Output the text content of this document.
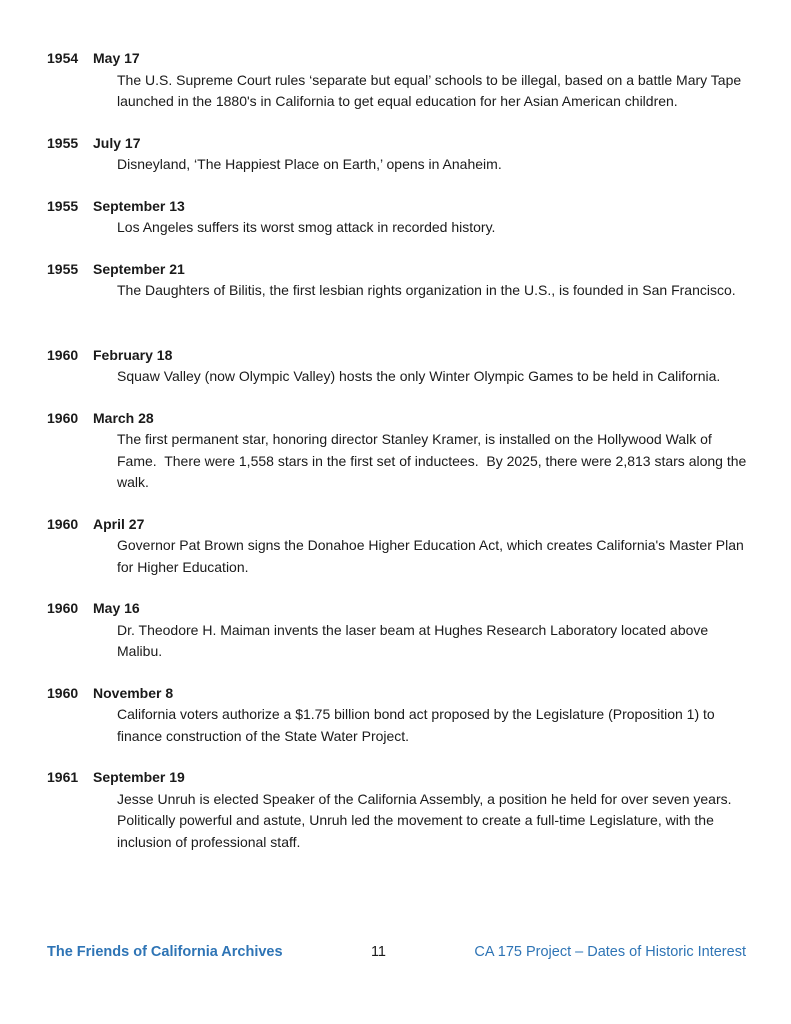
1954	May 17

The U.S. Supreme Court rules ‘separate but equal’ schools to be illegal, based on a battle Mary Tape launched in the 1880's in California to get equal education for her Asian American children.

1955	July 17

Disneyland, ‘The Happiest Place on Earth,’ opens in Anaheim.

1955	September 13

Los Angeles suffers its worst smog attack in recorded history.

1955	September 21

The Daughters of Bilitis, the first lesbian rights organization in the U.S., is founded in San Francisco.

1960	February 18

Squaw Valley (now Olympic Valley) hosts the only Winter Olympic Games to be held in California.

1960	March 28

The first permanent star, honoring director Stanley Kramer, is installed on the Hollywood Walk of Fame.  There were 1,558 stars in the first set of inductees.  By 2025, there were 2,813 stars along the walk.

1960	April 27

Governor Pat Brown signs the Donahoe Higher Education Act, which creates California's Master Plan for Higher Education.

1960	May 16

Dr. Theodore H. Maiman invents the laser beam at Hughes Research Laboratory located above Malibu.

1960	November 8

California voters authorize a $1.75 billion bond act proposed by the Legislature (Proposition 1) to finance construction of the State Water Project.

1961	September 19

Jesse Unruh is elected Speaker of the California Assembly, a position he held for over seven years.  Politically powerful and astute, Unruh led the movement to create a full-time Legislature, with the inclusion of professional staff.

The Friends of California Archives	11	CA 175 Project – Dates of Historic Interest
